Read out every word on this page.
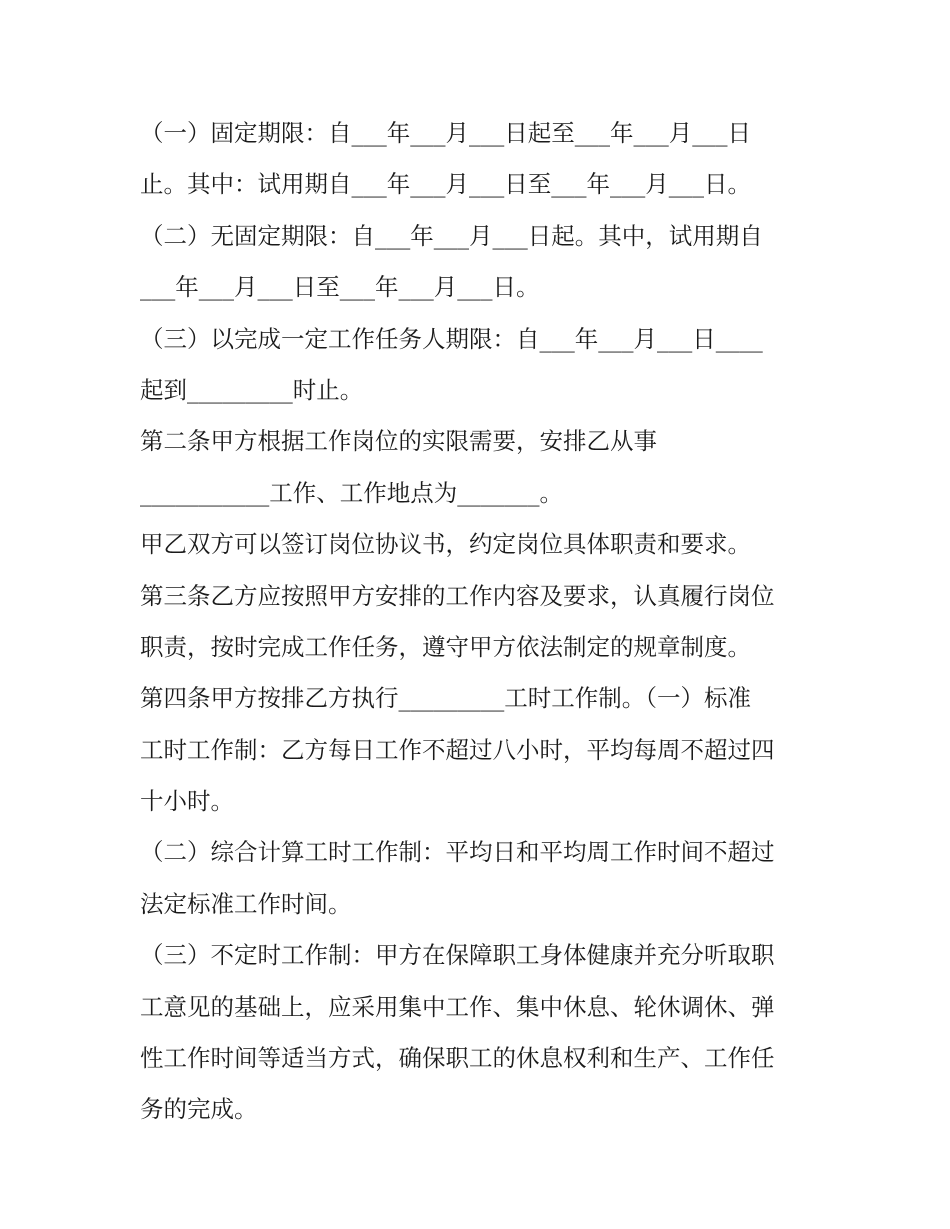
（一）固定期限：自___年___月___日起至___年___月___日
止。其中：试用期自___年___月___日至___年___月___日。
（二）无固定期限：自___年___月___日起。其中，试用期自
___年___月___日至___年___月___日。
（三）以完成一定工作任务人期限：自___年___月___日____
起到_________时止。
第二条甲方根据工作岗位的实限需要，安排乙从事
___________工作、工作地点为_______。
甲乙双方可以签订岗位协议书，约定岗位具体职责和要求。
第三条乙方应按照甲方安排的工作内容及要求，认真履行岗位
职责，按时完成工作任务，遵守甲方依法制定的规章制度。
第四条甲方按排乙方执行_________工时工作制。（一）标准
工时工作制：乙方每日工作不超过八小时，平均每周不超过四
十小时。
（二）综合计算工时工作制：平均日和平均周工作时间不超过
法定标准工作时间。
（三）不定时工作制：甲方在保障职工身体健康并充分听取职
工意见的基础上，应采用集中工作、集中休息、轮休调休、弹
性工作时间等适当方式，确保职工的休息权利和生产、工作任
务的完成。
